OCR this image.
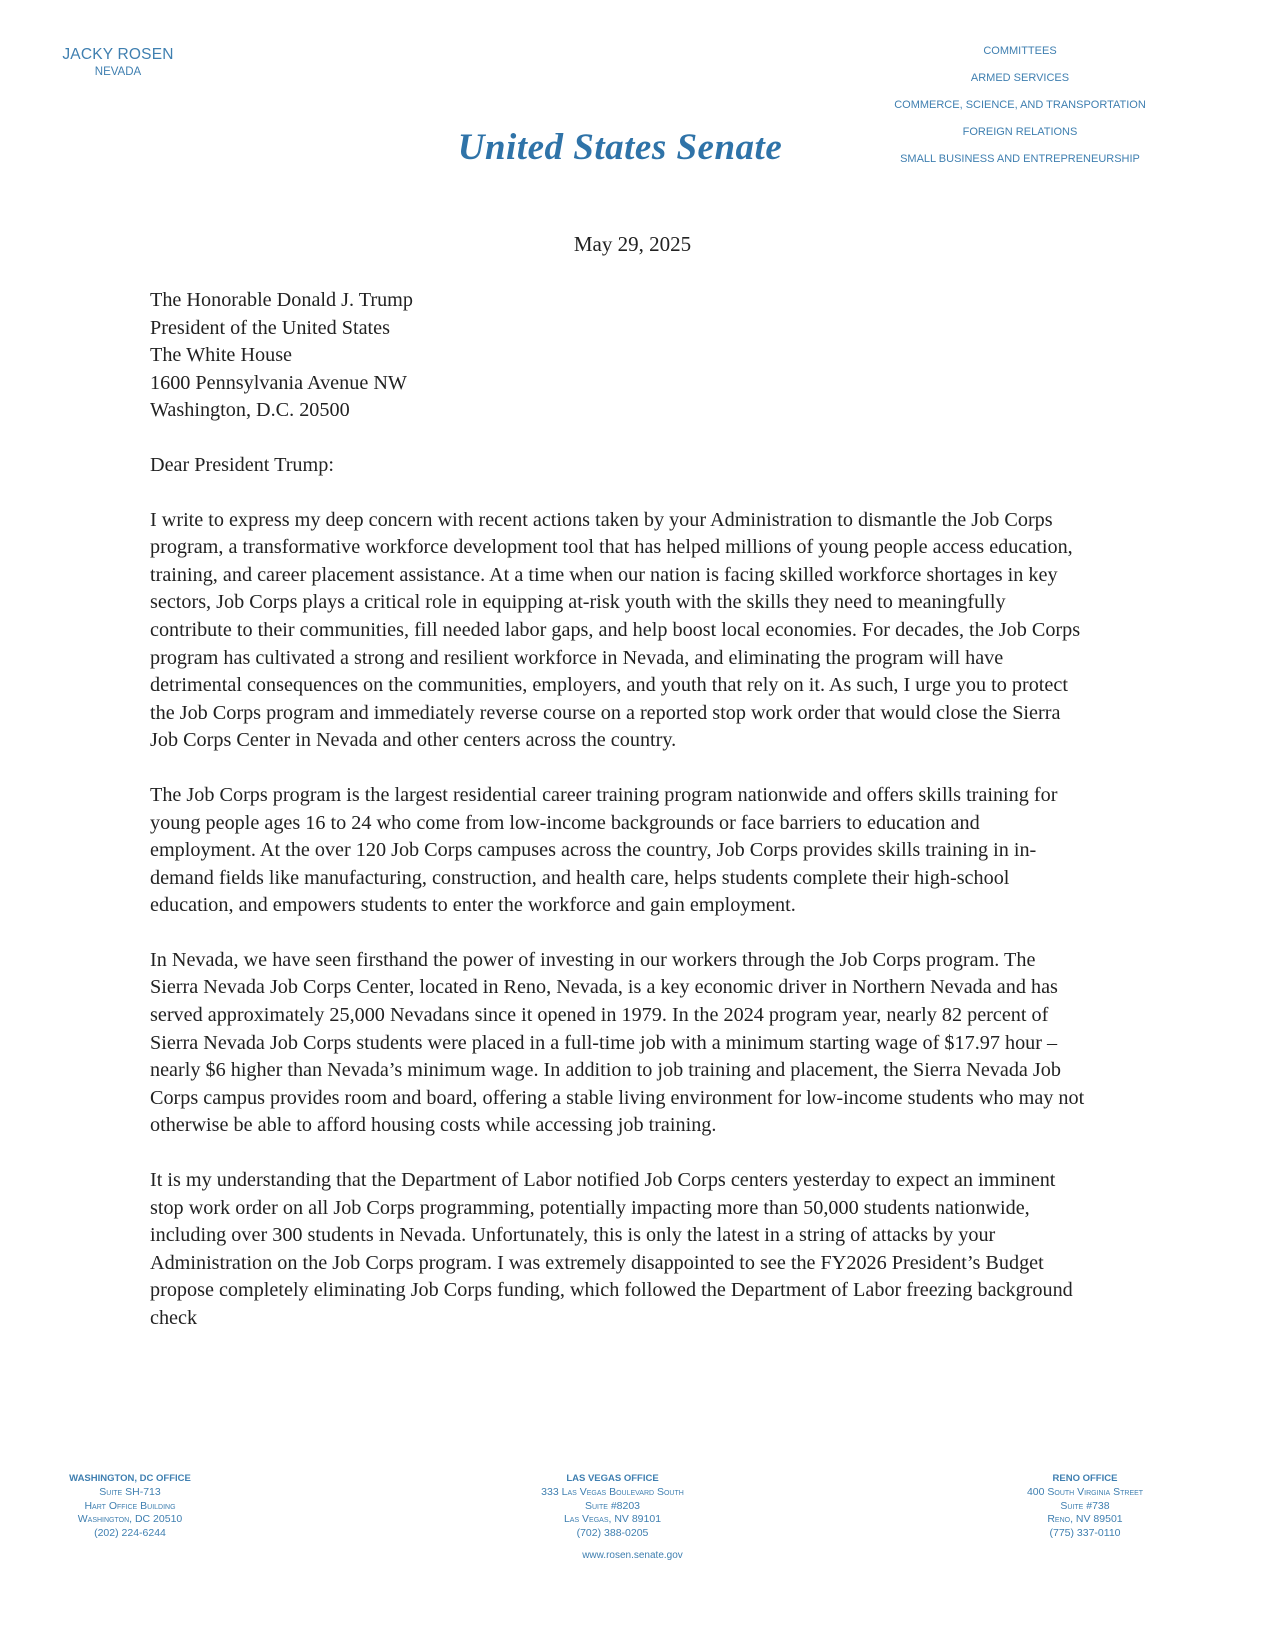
JACKY ROSEN
NEVADA
United States Senate
COMMITTEES
ARMED SERVICES
COMMERCE, SCIENCE, AND TRANSPORTATION
FOREIGN RELATIONS
SMALL BUSINESS AND ENTREPRENEURSHIP
May 29, 2025
The Honorable Donald J. Trump
President of the United States
The White House
1600 Pennsylvania Avenue NW
Washington, D.C. 20500
Dear President Trump:

I write to express my deep concern with recent actions taken by your Administration to dismantle the Job Corps program, a transformative workforce development tool that has helped millions of young people access education, training, and career placement assistance. At a time when our nation is facing skilled workforce shortages in key sectors, Job Corps plays a critical role in equipping at-risk youth with the skills they need to meaningfully contribute to their communities, fill needed labor gaps, and help boost local economies. For decades, the Job Corps program has cultivated a strong and resilient workforce in Nevada, and eliminating the program will have detrimental consequences on the communities, employers, and youth that rely on it. As such, I urge you to protect the Job Corps program and immediately reverse course on a reported stop work order that would close the Sierra Job Corps Center in Nevada and other centers across the country.

The Job Corps program is the largest residential career training program nationwide and offers skills training for young people ages 16 to 24 who come from low-income backgrounds or face barriers to education and employment. At the over 120 Job Corps campuses across the country, Job Corps provides skills training in in-demand fields like manufacturing, construction, and health care, helps students complete their high-school education, and empowers students to enter the workforce and gain employment.

In Nevada, we have seen firsthand the power of investing in our workers through the Job Corps program. The Sierra Nevada Job Corps Center, located in Reno, Nevada, is a key economic driver in Northern Nevada and has served approximately 25,000 Nevadans since it opened in 1979. In the 2024 program year, nearly 82 percent of Sierra Nevada Job Corps students were placed in a full-time job with a minimum starting wage of $17.97 hour – nearly $6 higher than Nevada’s minimum wage. In addition to job training and placement, the Sierra Nevada Job Corps campus provides room and board, offering a stable living environment for low-income students who may not otherwise be able to afford housing costs while accessing job training.

It is my understanding that the Department of Labor notified Job Corps centers yesterday to expect an imminent stop work order on all Job Corps programming, potentially impacting more than 50,000 students nationwide, including over 300 students in Nevada. Unfortunately, this is only the latest in a string of attacks by your Administration on the Job Corps program. I was extremely disappointed to see the FY2026 President’s Budget propose completely eliminating Job Corps funding, which followed the Department of Labor freezing background check

WASHINGTON, DC OFFICE
Suite SH-713
Hart Office Building
Washington, DC 20510
(202) 224-6244
LAS VEGAS OFFICE
333 Las Vegas Boulevard South
Suite #8203
Las Vegas, NV 89101
(702) 388-0205
RENO OFFICE
400 South Virginia Street
Suite #738
Reno, NV 89501
(775) 337-0110
www.rosen.senate.gov
